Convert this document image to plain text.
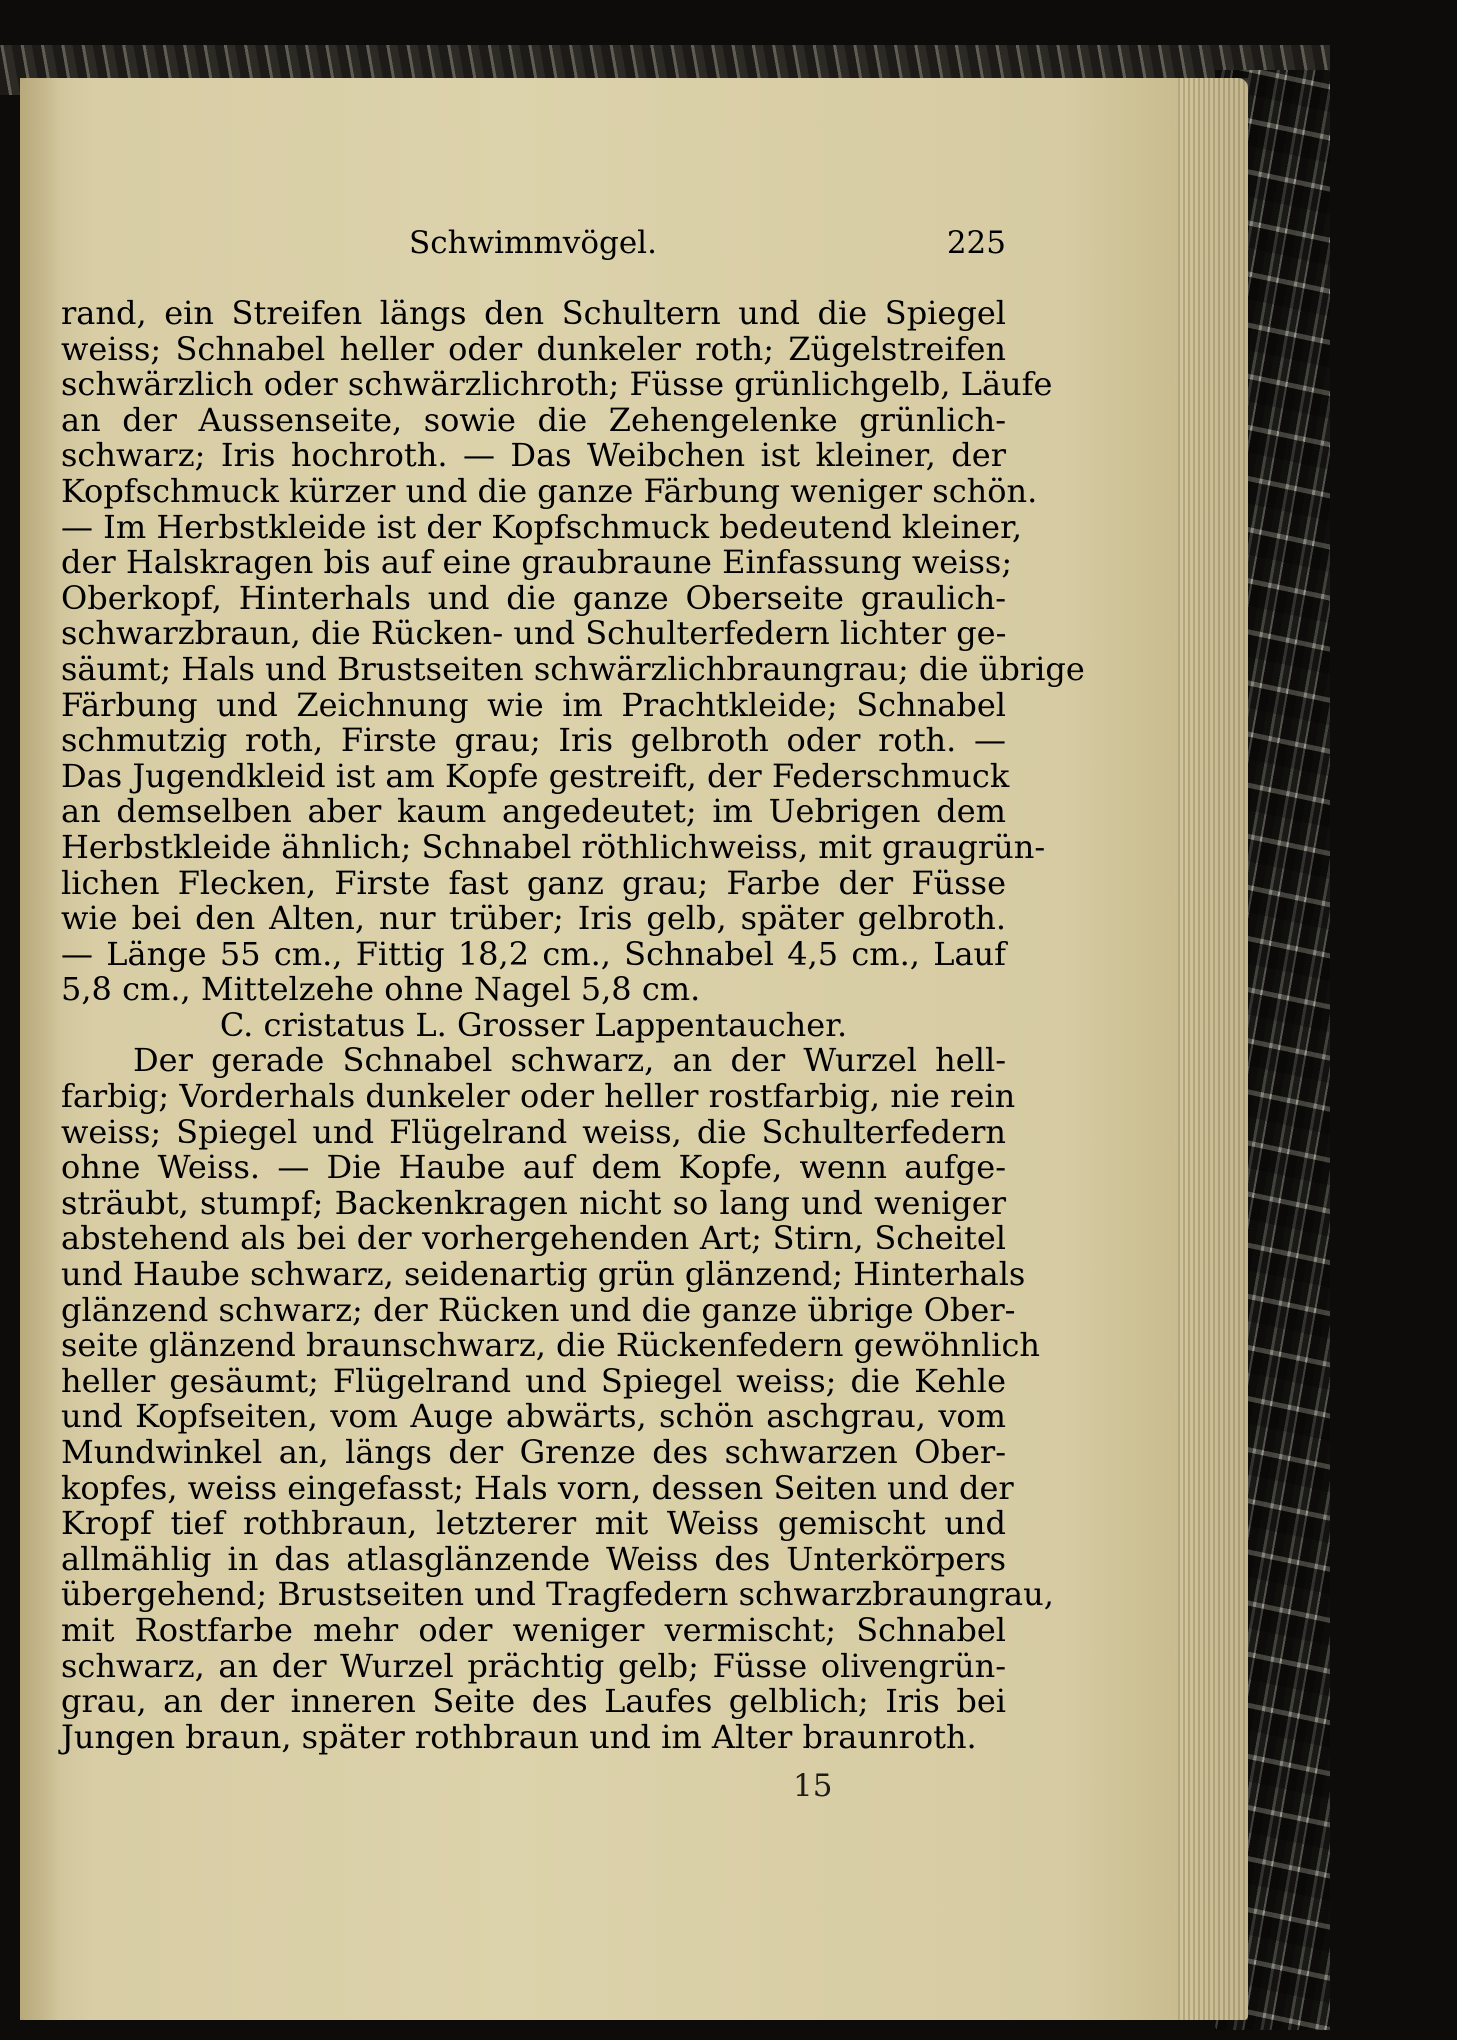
Schwimmvögel.	225
rand, ein Streifen längs den Schultern und die Spiegel
weiss; Schnabel heller oder dunkeler roth; Zügelstreifen
schwärzlich oder schwärzlichroth; Füsse grünlichgelb, Läufe
an der Aussenseite, sowie die Zehengelenke grünlich-
schwarz; Iris hochroth. — Das Weibchen ist kleiner, der
Kopfschmuck kürzer und die ganze Färbung weniger schön.
— Im Herbstkleide ist der Kopfschmuck bedeutend kleiner,
der Halskragen bis auf eine graubraune Einfassung weiss;
Oberkopf, Hinterhals und die ganze Oberseite graulich-
schwarzbraun, die Rücken- und Schulterfedern lichter ge-
säumt; Hals und Brustseiten schwärzlichbraungrau; die übrige
Färbung und Zeichnung wie im Prachtkleide; Schnabel
schmutzig roth, Firste grau; Iris gelbroth oder roth. —
Das Jugendkleid ist am Kopfe gestreift, der Federschmuck
an demselben aber kaum angedeutet; im Uebrigen dem
Herbstkleide ähnlich; Schnabel röthlichweiss, mit graugrün-
lichen Flecken, Firste fast ganz grau; Farbe der Füsse
wie bei den Alten, nur trüber; Iris gelb, später gelbroth.
— Länge 55 cm., Fittig 18,2 cm., Schnabel 4,5 cm., Lauf
5,8 cm., Mittelzehe ohne Nagel 5,8 cm.
C. cristatus L. Grosser Lappentaucher.
Der gerade Schnabel schwarz, an der Wurzel hell-
farbig; Vorderhals dunkeler oder heller rostfarbig, nie rein
weiss; Spiegel und Flügelrand weiss, die Schulterfedern
ohne Weiss. — Die Haube auf dem Kopfe, wenn aufge-
sträubt, stumpf; Backenkragen nicht so lang und weniger
abstehend als bei der vorhergehenden Art; Stirn, Scheitel
und Haube schwarz, seidenartig grün glänzend; Hinterhals
glänzend schwarz; der Rücken und die ganze übrige Ober-
seite glänzend braunschwarz, die Rückenfedern gewöhnlich
heller gesäumt; Flügelrand und Spiegel weiss; die Kehle
und Kopfseiten, vom Auge abwärts, schön aschgrau, vom
Mundwinkel an, längs der Grenze des schwarzen Ober-
kopfes, weiss eingefasst; Hals vorn, dessen Seiten und der
Kropf tief rothbraun, letzterer mit Weiss gemischt und
allmählig in das atlasglänzende Weiss des Unterkörpers
übergehend; Brustseiten und Tragfedern schwarzbraungrau,
mit Rostfarbe mehr oder weniger vermischt; Schnabel
schwarz, an der Wurzel prächtig gelb; Füsse olivengrün-
grau, an der inneren Seite des Laufes gelblich; Iris bei
Jungen braun, später rothbraun und im Alter braunroth.
15
